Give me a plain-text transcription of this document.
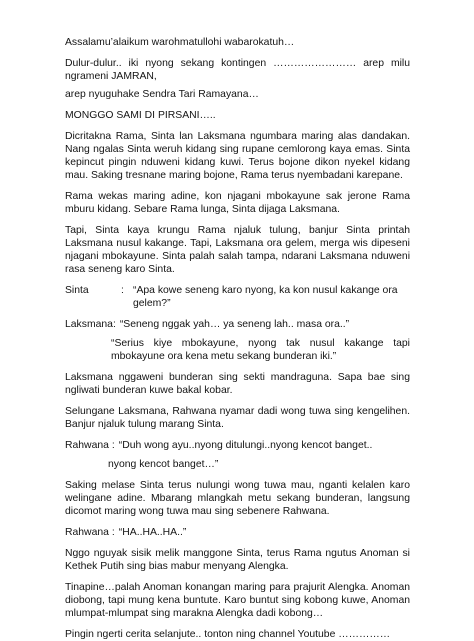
Assalamu’alaikum warohmatullohi wabarokatuh…

Dulur-dulur.. iki nyong sekang kontingen …………………… arep milu ngrameni JAMRAN,

arep nyuguhake Sendra Tari Ramayana…

MONGGO SAMI DI PIRSANI…..

Dicritakna Rama, Sinta lan Laksmana ngumbara maring alas dandakan. Nang ngalas Sinta weruh kidang sing rupane cemlorong kaya emas. Sinta kepincut pingin nduweni kidang kuwi. Terus bojone dikon nyekel kidang mau. Saking tresnane maring bojone, Rama terus nyembadani karepane.

Rama wekas maring adine, kon njagani mbokayune sak jerone Rama mburu kidang. Sebare Rama lunga, Sinta dijaga Laksmana.

Tapi, Sinta kaya krungu Rama njaluk tulung, banjur Sinta printah Laksmana nusul kakange. Tapi, Laksmana ora gelem, merga wis dipeseni njagani mbokayune. Sinta palah salah tampa, ndarani Laksmana nduweni rasa seneng karo Sinta.

Sinta	: “Apa kowe seneng karo nyong, ka kon nusul kakange ora
gelem?”
Laksmana: “Seneng nggak yah… ya seneng lah.. masa ora..”

“Serius kiye mbokayune, nyong tak nusul kakange tapi mbokayune ora kena metu sekang bunderan iki.”

Laksmana nggaweni bunderan sing sekti mandraguna. Sapa bae sing ngliwati bunderan kuwe bakal kobar.

Selungane Laksmana, Rahwana nyamar dadi wong tuwa sing kengelihen. Banjur njaluk tulung marang Sinta.

Rahwana : “Duh wong ayu..nyong ditulungi..nyong kencot banget..

nyong kencot banget…”

Saking melase Sinta terus nulungi wong tuwa mau, nganti kelalen karo welingane adine. Mbarang mlangkah metu sekang bunderan, langsung dicomot maring wong tuwa mau sing sebenere Rahwana.

Rahwana : “HA..HA..HA..”

Nggo nguyak sisik melik manggone Sinta, terus Rama ngutus Anoman si Kethek Putih sing bias mabur menyang Alengka.

Tinapine…palah Anoman konangan maring para prajurit Alengka. Anoman diobong, tapi mung kena buntute. Karo buntut sing kobong kuwe, Anoman mlumpat-mlumpat sing marakna Alengka dadi kobong…

Pingin ngerti cerita selanjute.. tonton ning channel Youtube ……………
